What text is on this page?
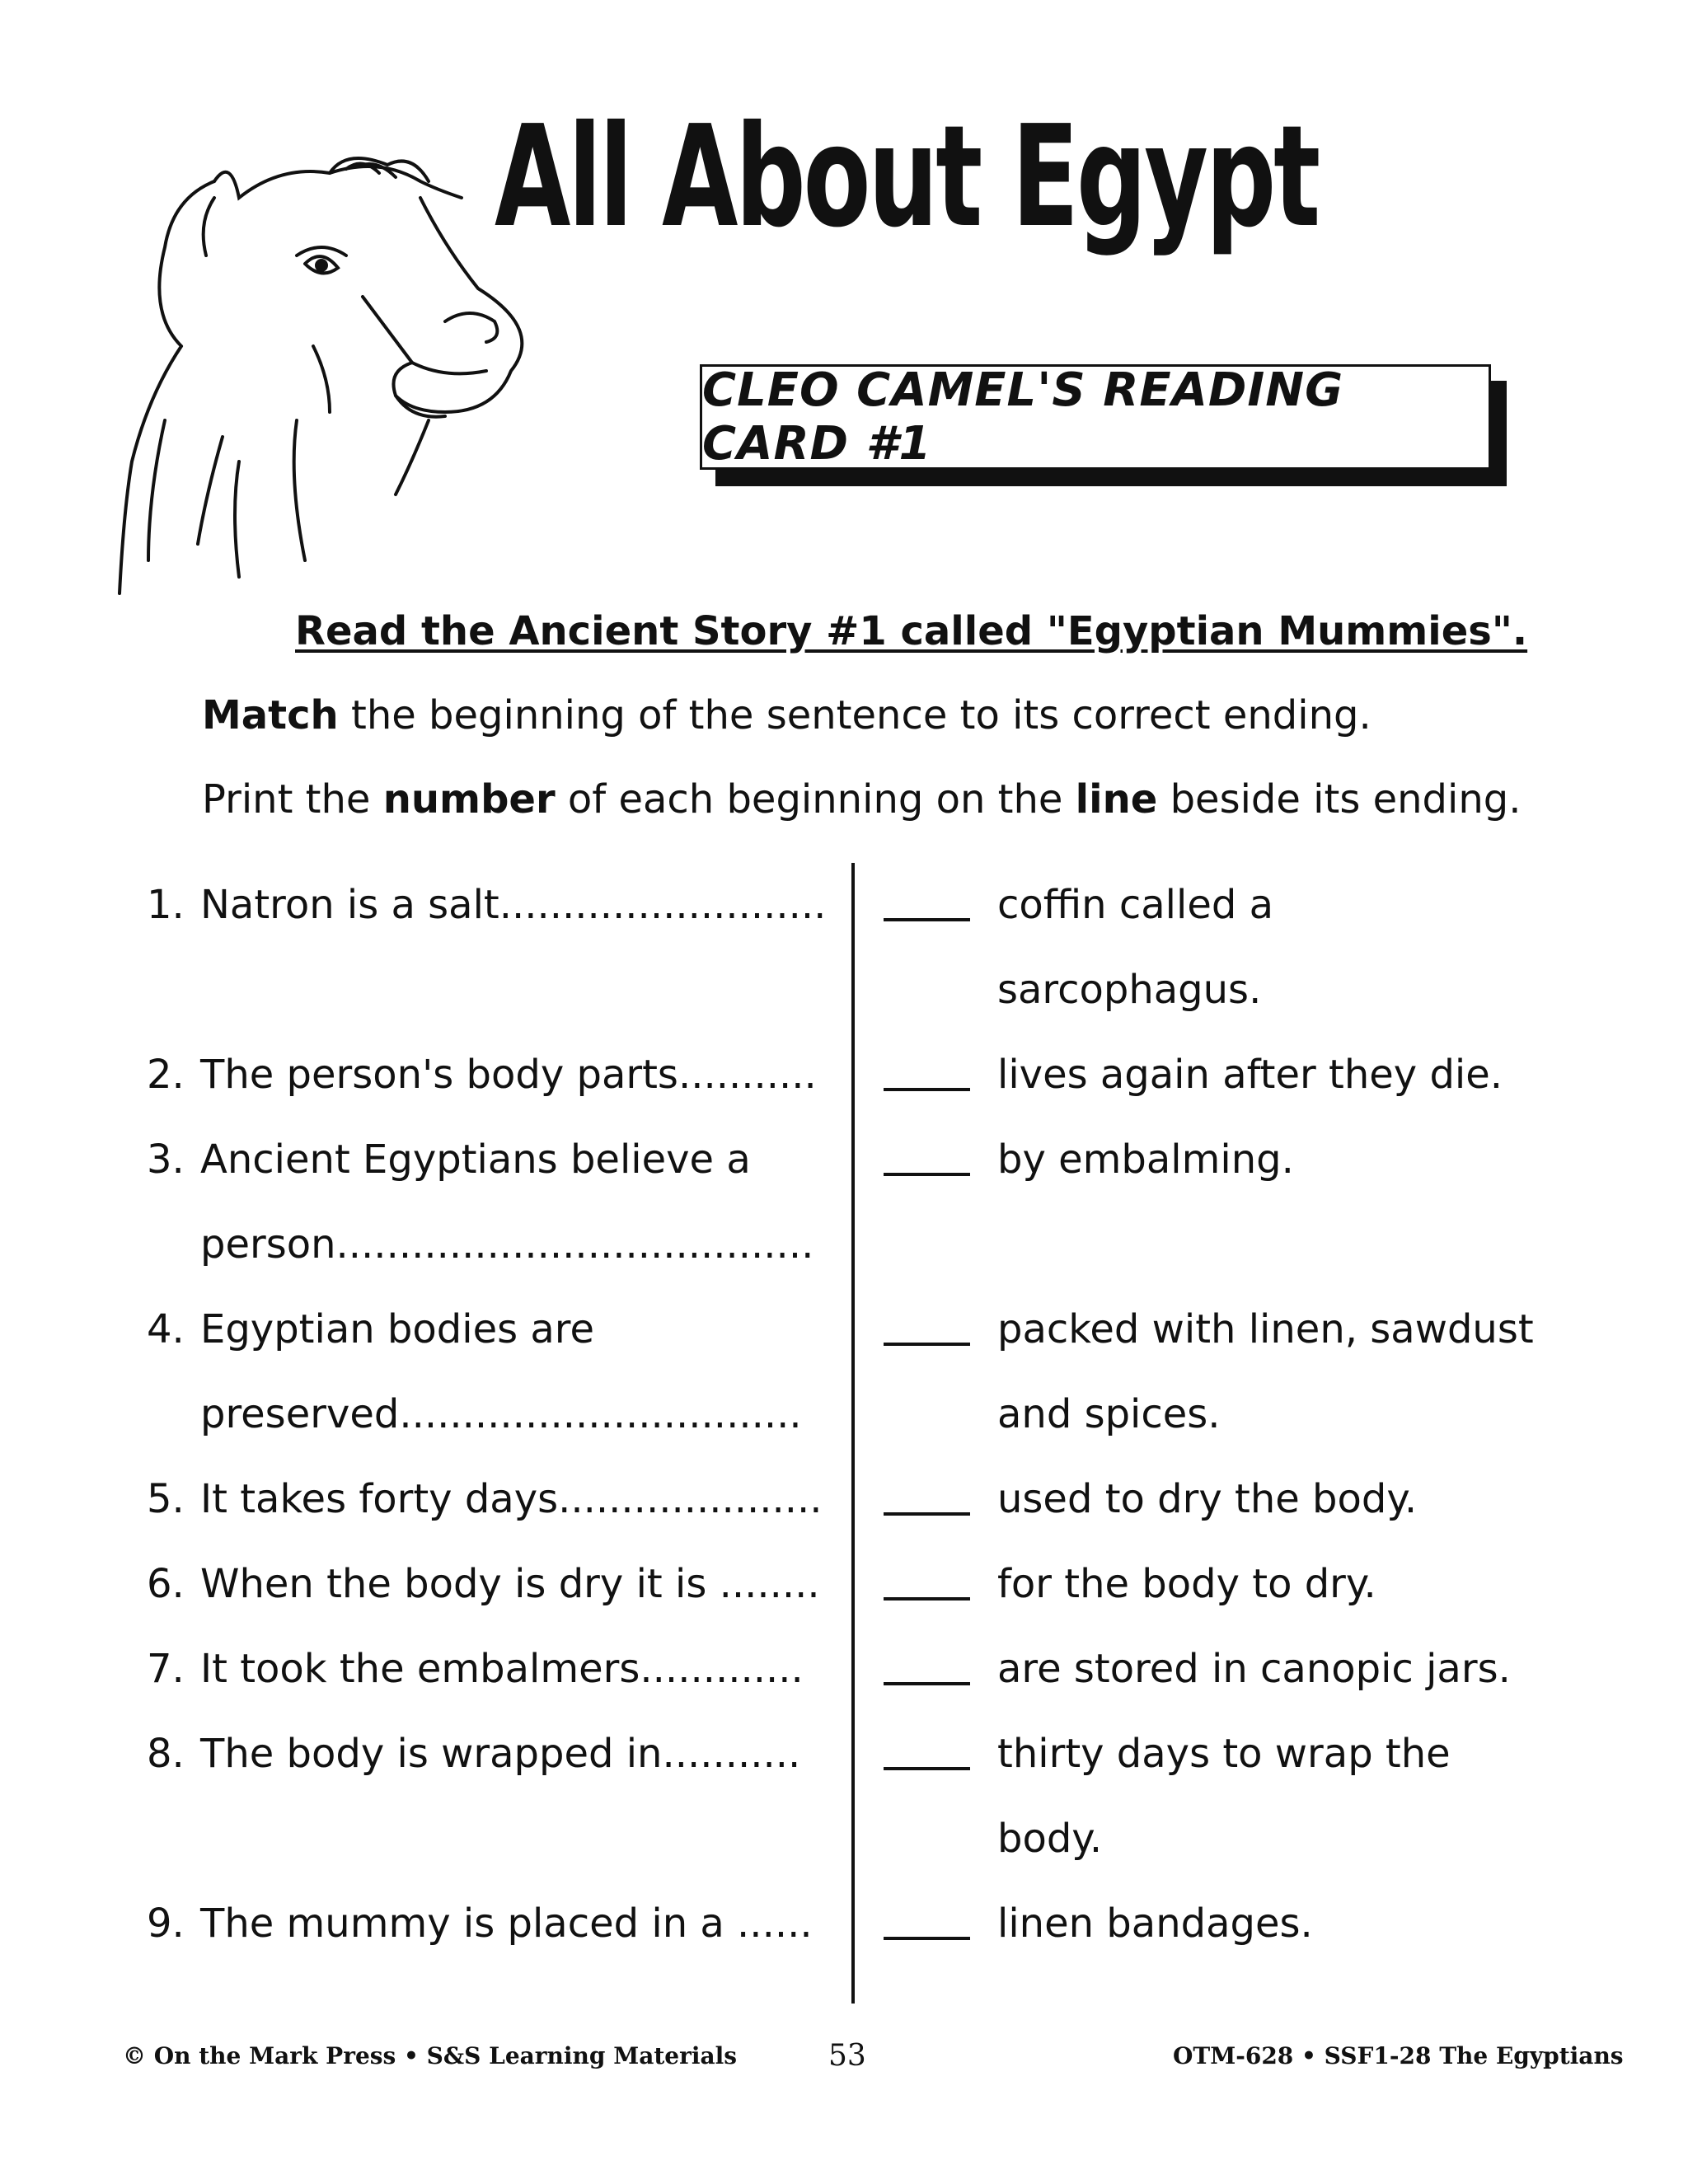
All About Egypt
CLEO CAMEL'S READING CARD #1
Read the Ancient Story #1 called "Egyptian Mummies".
Match the beginning of the sentence to its correct ending.
Print the number of each beginning on the line beside its ending.
1. Natron is a salt..........................
2. The person's body parts...........
3. Ancient Egyptians believe a
person......................................
4. Egyptian bodies are
preserved................................
5. It takes forty days.....................
6. When the body is dry it is ........
7. It took the embalmers.............
8. The body is wrapped in...........
9. The mummy is placed in a ......
coffin called a
sarcophagus.
lives again after they die.
by embalming.
packed with linen, sawdust
and spices.
used to dry the body.
for the body to dry.
are stored in canopic jars.
thirty days to wrap the
body.
linen bandages.
© On the Mark Press • S&S Learning Materials	53	OTM-628 • SSF1-28 The Egyptians
